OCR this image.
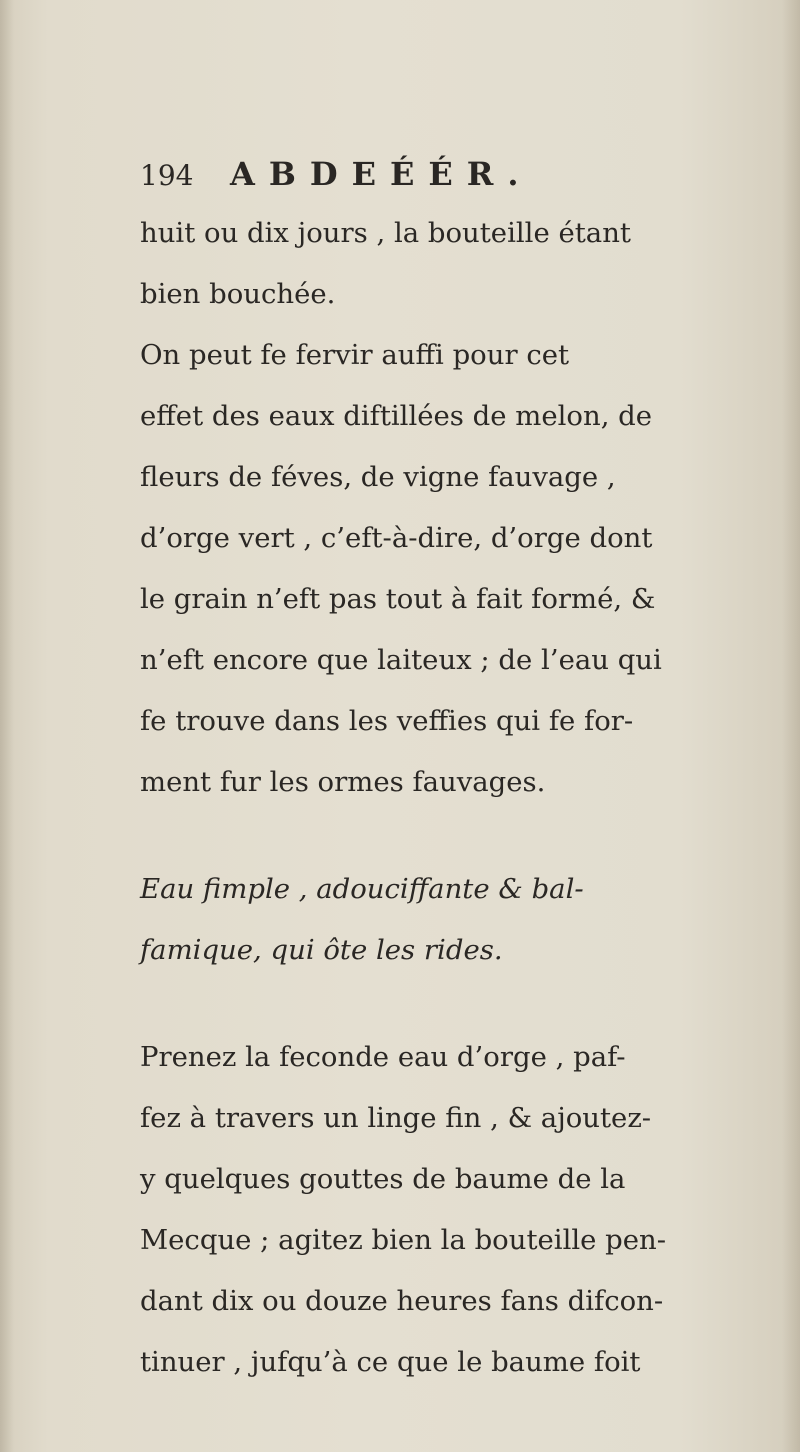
194	ABDEÉÉR.
huit ou dix jours , la bouteille étant
bien bouchée.
On peut fe fervir auffi pour cet
effet des eaux diftillées de melon, de
fleurs de féves, de vigne fauvage ,
d’orge vert , c’eft-à-dire, d’orge dont
le grain n’eft pas tout à fait formé, &
n’eft encore que laiteux ; de l’eau qui
fe trouve dans les veffies qui fe for-
ment fur les ormes fauvages.
Eau fimple , adouciffante & bal-
famique, qui ôte les rides.
Prenez la feconde eau d’orge , paf-
fez à travers un linge fin , & ajoutez-
y quelques gouttes de baume de la
Mecque ; agitez bien la bouteille pen-
dant dix ou douze heures fans difcon-
tinuer , jufqu’à ce que le baume foit
